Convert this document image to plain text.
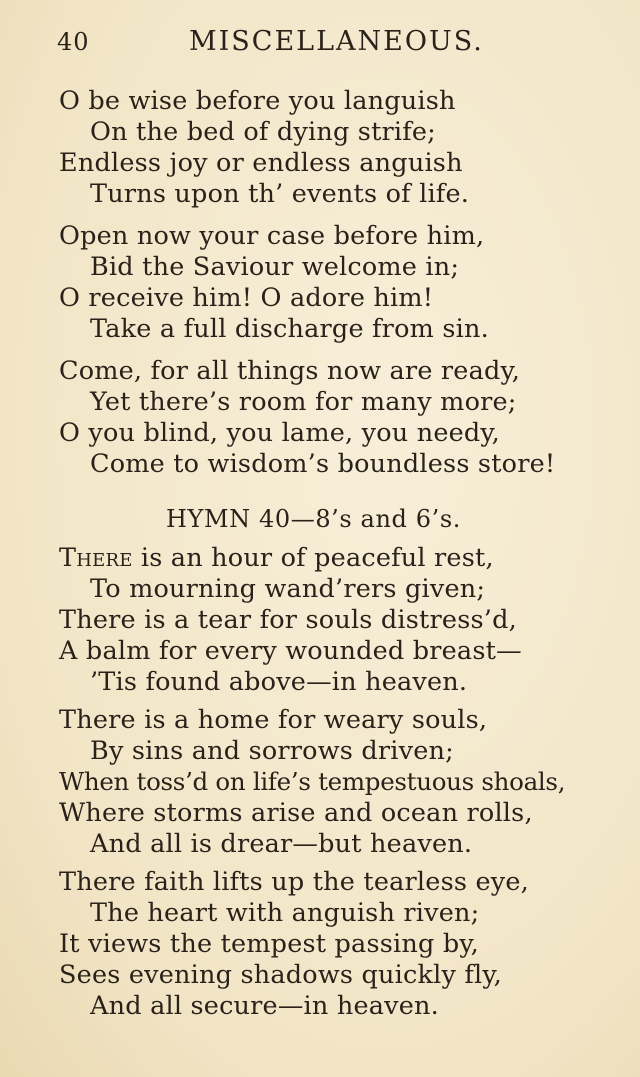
40	MISCELLANEOUS.
O be wise before you languish
On the bed of dying strife;
Endless joy or endless anguish
Turns upon th’ events of life.
Open now your case before him,
Bid the Saviour welcome in;
O receive him! O adore him!
Take a full discharge from sin.
Come, for all things now are ready,
Yet there’s room for many more;
O you blind, you lame, you needy,
Come to wisdom’s boundless store!
HYMN 40—8’s and 6’s.
There is an hour of peaceful rest,
To mourning wand’rers given;
There is a tear for souls distress’d,
A balm for every wounded breast—
’Tis found above—in heaven.
There is a home for weary souls,
By sins and sorrows driven;
When toss’d on life’s tempestuous shoals,
Where storms arise and ocean rolls,
And all is drear—but heaven.
There faith lifts up the tearless eye,
The heart with anguish riven;
It views the tempest passing by,
Sees evening shadows quickly fly,
And all secure—in heaven.
